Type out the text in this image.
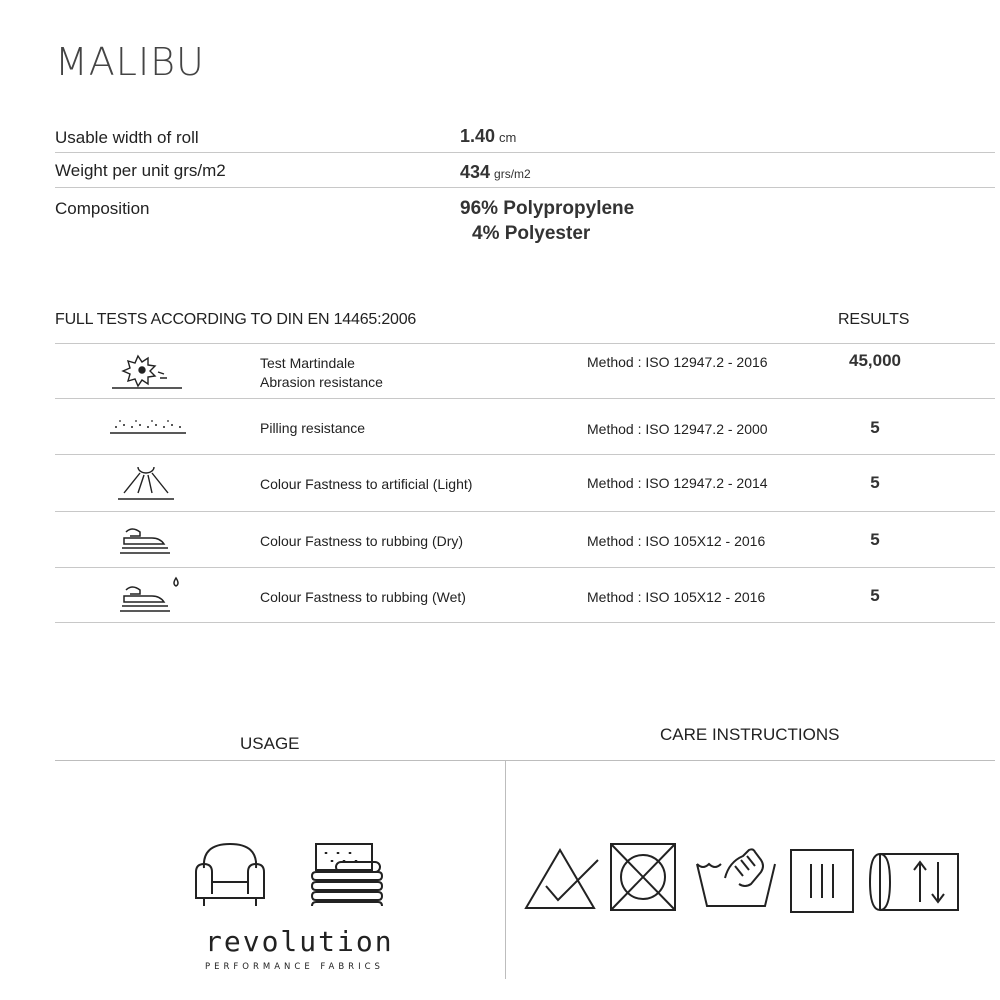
MALIBU
Usable width of roll	1.40 cm
Weight per unit grs/m2	434 grs/m2
Composition	96% Polypropylene
4% Polyester
FULL TESTS ACCORDING TO DIN EN 14465:2006	RESULTS
Test Martindale
Abrasion resistance
Method : ISO 12947.2 - 2016	45,000
Pilling resistance	Method : ISO 12947.2 - 2000	5
Colour Fastness to artificial (Light)	Method : ISO 12947.2 - 2014	5
Colour Fastness to rubbing (Dry)	Method : ISO 105X12 - 2016	5
Colour Fastness to rubbing (Wet)	Method : ISO 105X12 - 2016	5
USAGE	CARE INSTRUCTIONS
revolution
PERFORMANCE FABRICS
